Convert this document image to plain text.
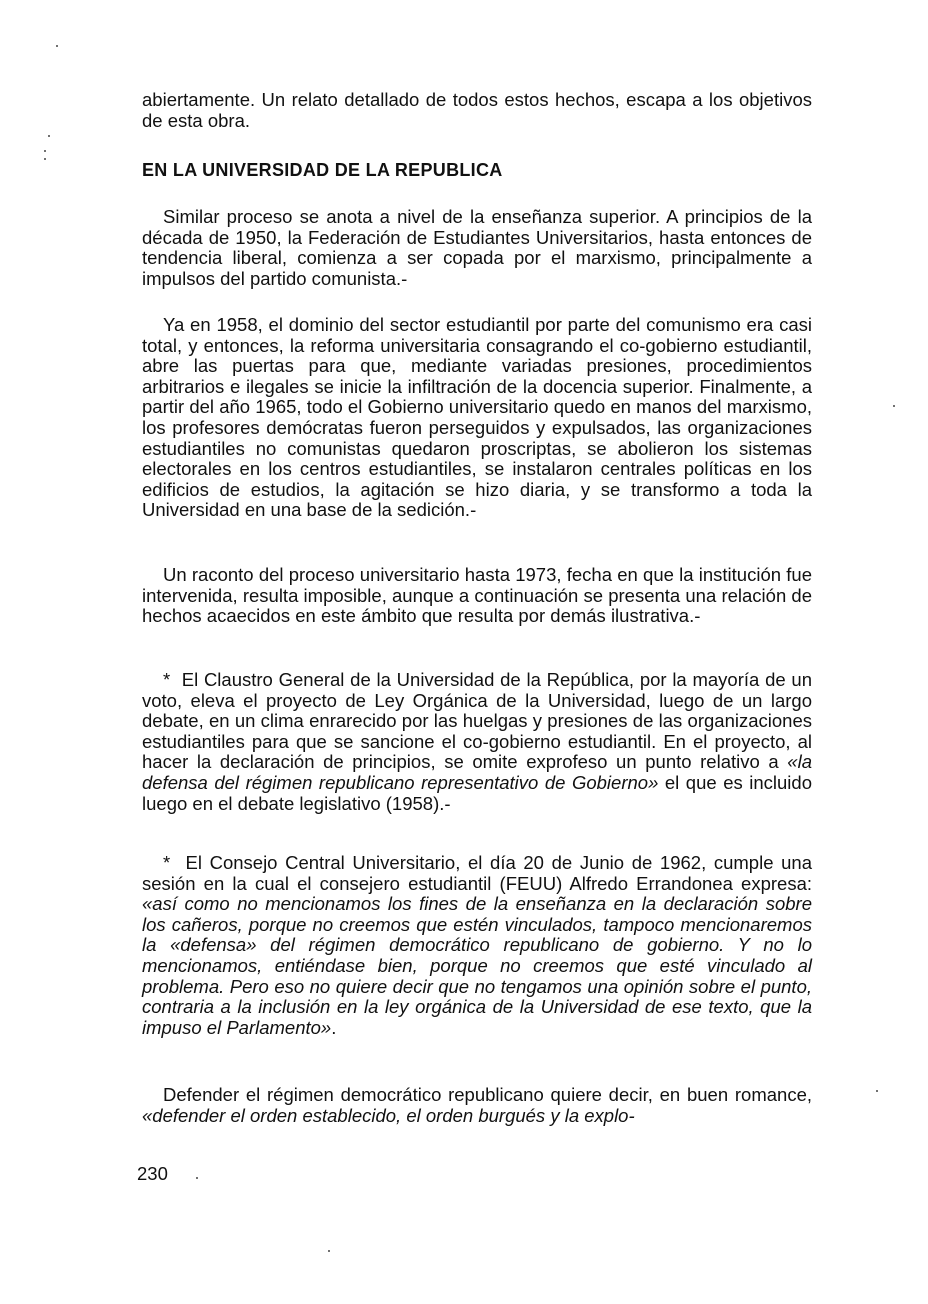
abiertamente. Un relato detallado de todos estos hechos, escapa a los objetivos de esta obra.

EN LA UNIVERSIDAD DE LA REPUBLICA

Similar proceso se anota a nivel de la enseñanza superior. A principios de la década de 1950, la Federación de Estudiantes Universitarios, hasta entonces de tendencia liberal, comienza a ser copada por el marxismo, principalmente a impulsos del partido comunista.-

Ya en 1958, el dominio del sector estudiantil por parte del comunismo era casi total, y entonces, la reforma universitaria consagrando el co-gobierno estudiantil, abre las puertas para que, mediante variadas presiones, procedimientos arbitrarios e ilegales se inicie la infiltración de la docencia superior. Finalmente, a partir del año 1965, todo el Gobierno universitario quedo en manos del marxismo, los profesores demócratas fueron perseguidos y expulsados, las organizaciones estudiantiles no comunistas quedaron proscriptas, se abolieron los sistemas electorales en los centros estudiantiles, se instalaron centrales políticas en los edificios de estudios, la agitación se hizo diaria, y se transformo a toda la Universidad en una base de la sedición.-

Un raconto del proceso universitario hasta 1973, fecha en que la institución fue intervenida, resulta imposible, aunque a continuación se presenta una relación de hechos acaecidos en este ámbito que resulta por demás ilustrativa.-

* El Claustro General de la Universidad de la República, por la mayoría de un voto, eleva el proyecto de Ley Orgánica de la Universidad, luego de un largo debate, en un clima enrarecido por las huelgas y presiones de las organizaciones estudiantiles para que se sancione el co-gobierno estudiantil. En el proyecto, al hacer la declaración de principios, se omite exprofeso un punto relativo a «la defensa del régimen republicano representativo de Gobierno» el que es incluido luego en el debate legislativo (1958).-

* El Consejo Central Universitario, el día 20 de Junio de 1962, cumple una sesión en la cual el consejero estudiantil (FEUU) Alfredo Errandonea expresa: «así como no mencionamos los fines de la enseñanza en la declaración sobre los cañeros, porque no creemos que estén vinculados, tampoco mencionaremos la «defensa» del régimen democrático republicano de gobierno. Y no lo mencionamos, entiéndase bien, porque no creemos que esté vinculado al problema. Pero eso no quiere decir que no tengamos una opinión sobre el punto, contraria a la inclusión en la ley orgánica de la Universidad de ese texto, que la impuso el Parlamento».

Defender el régimen democrático republicano quiere decir, en buen romance, «defender el orden establecido, el orden burgués y la explo-

230
